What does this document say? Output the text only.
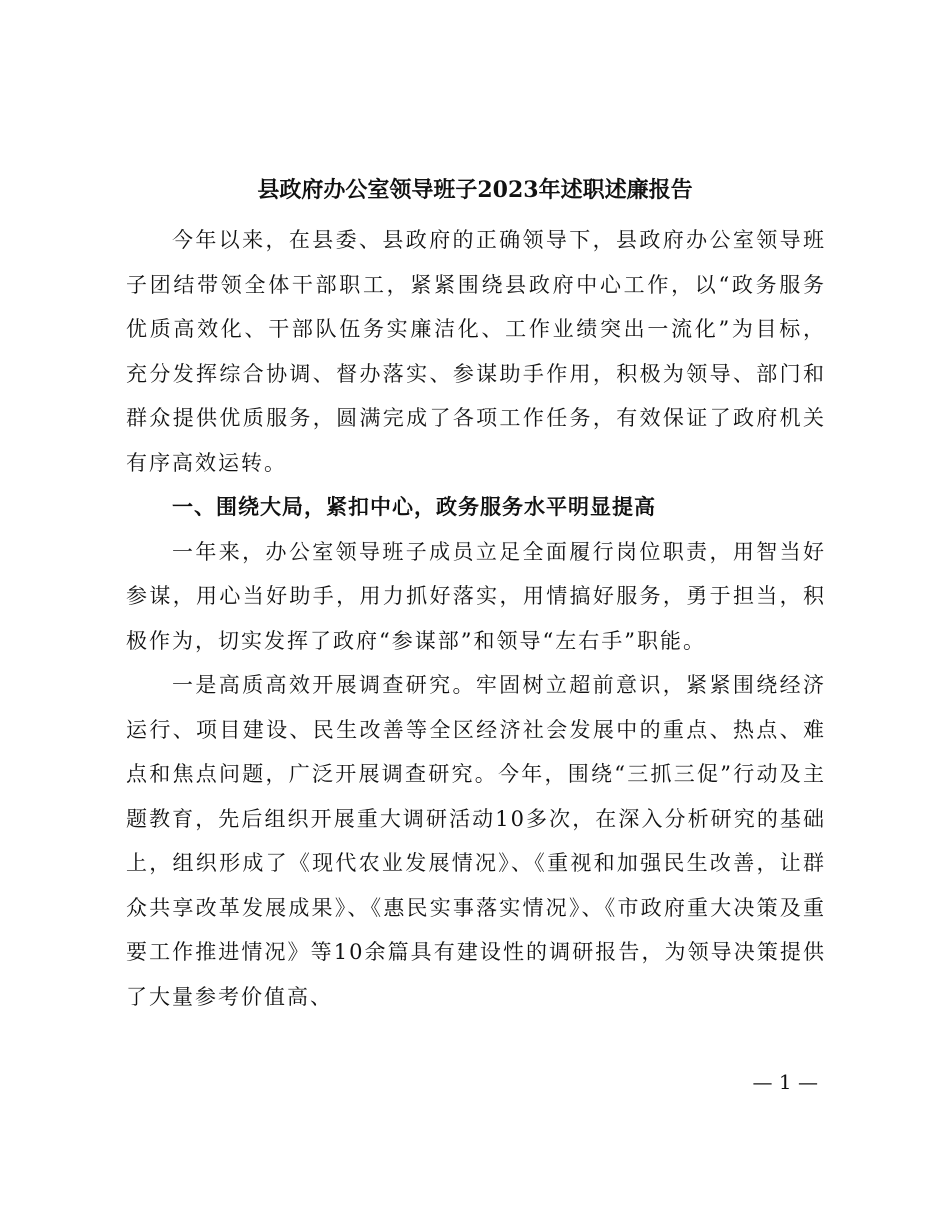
县政府办公室领导班子2023年述职述廉报告

今年以来，在县委、县政府的正确领导下，县政府办公室领导班子团结带领全体干部职工，紧紧围绕县政府中心工作，以“政务服务优质高效化、干部队伍务实廉洁化、工作业绩突出一流化”为目标，充分发挥综合协调、督办落实、参谋助手作用，积极为领导、部门和群众提供优质服务，圆满完成了各项工作任务，有效保证了政府机关有序高效运转。

一、围绕大局，紧扣中心，政务服务水平明显提高

一年来，办公室领导班子成员立足全面履行岗位职责，用智当好参谋，用心当好助手，用力抓好落实，用情搞好服务，勇于担当，积极作为，切实发挥了政府“参谋部”和领导“左右手”职能。

一是高质高效开展调查研究。牢固树立超前意识，紧紧围绕经济运行、项目建设、民生改善等全区经济社会发展中的重点、热点、难点和焦点问题，广泛开展调查研究。今年，围绕“三抓三促”行动及主题教育，先后组织开展重大调研活动10多次，在深入分析研究的基础上，组织形成了《现代农业发展情况》、《重视和加强民生改善，让群众共享改革发展成果》、《惠民实事落实情况》、《市政府重大决策及重要工作推进情况》等10余篇具有建设性的调研报告，为领导决策提供了大量参考价值高、

— 1 —
